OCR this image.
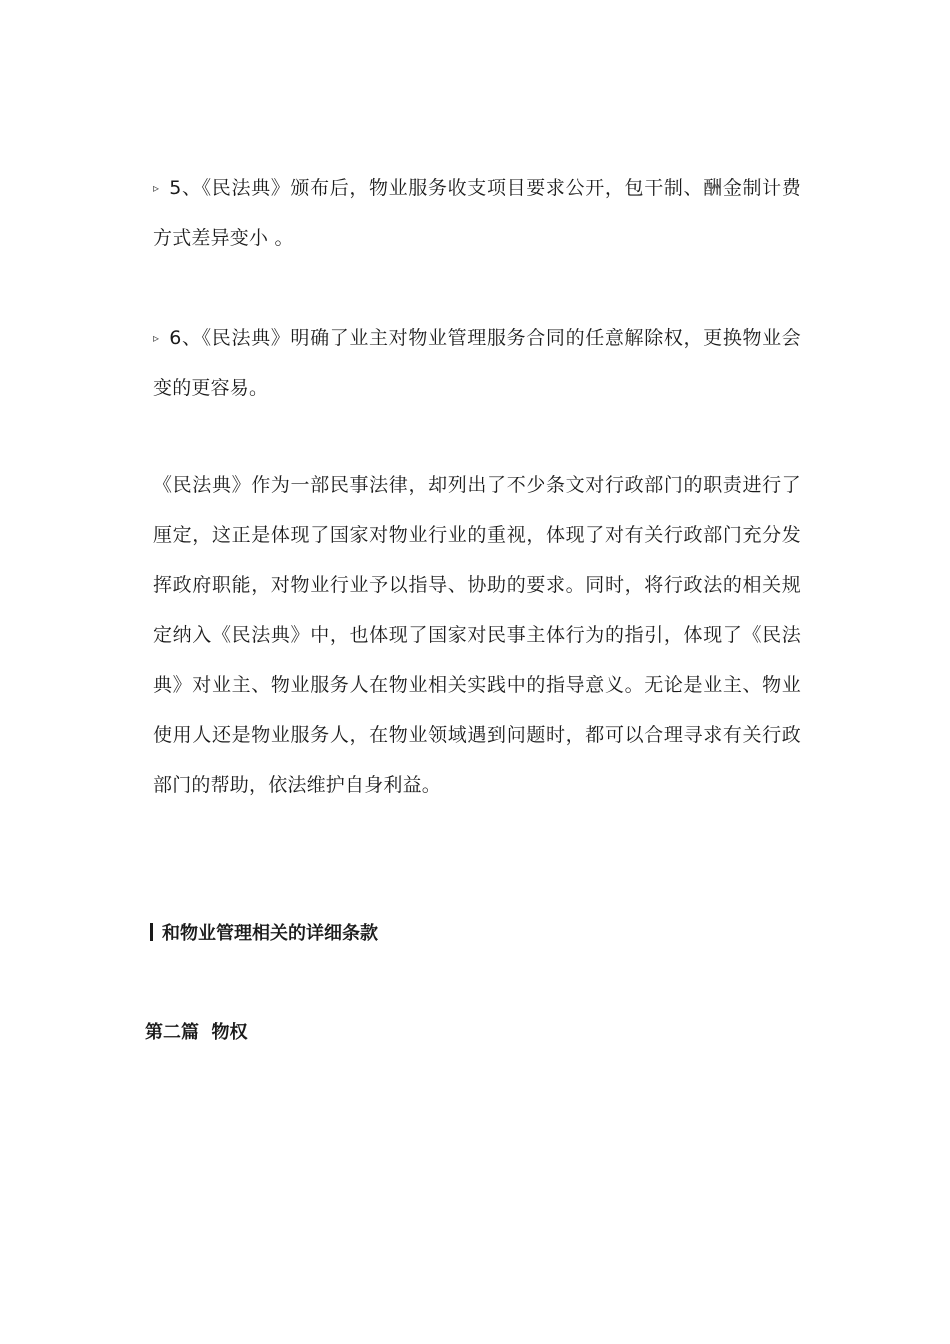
▹ 5、《民法典》颁布后，物业服务收支项目要求公开，包干制、酬金制计费方式差异变小 。
▹ 6、《民法典》明确了业主对物业管理服务合同的任意解除权，更换物业会变的更容易。
《民法典》作为一部民事法律，却列出了不少条文对行政部门的职责进行了厘定，这正是体现了国家对物业行业的重视，体现了对有关行政部门充分发挥政府职能，对物业行业予以指导、协助的要求。同时，将行政法的相关规定纳入《民法典》中，也体现了国家对民事主体行为的指引，体现了《民法典》对业主、物业服务人在物业相关实践中的指导意义。无论是业主、物业使用人还是物业服务人，在物业领域遇到问题时，都可以合理寻求有关行政部门的帮助，依法维护自身利益。
和物业管理相关的详细条款
第二篇  物权
